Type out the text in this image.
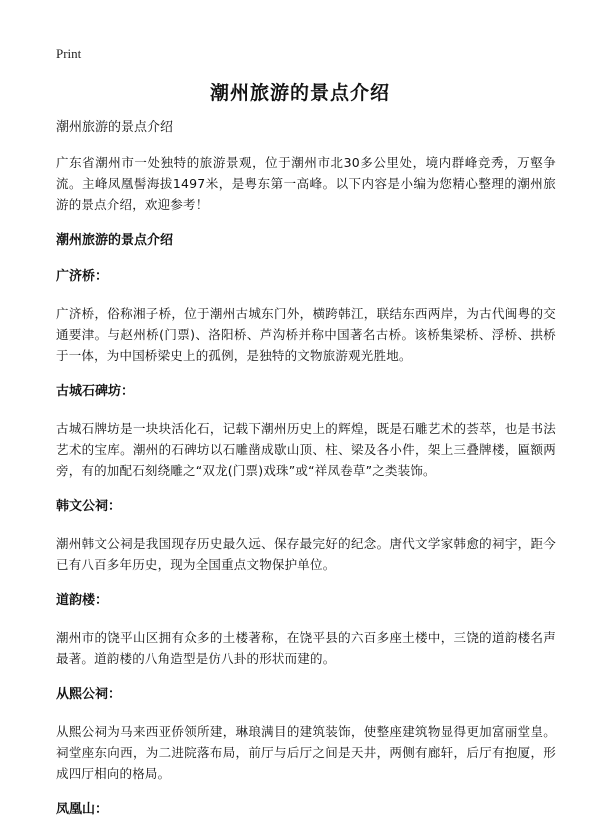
Print
潮州旅游的景点介绍

潮州旅游的景点介绍

广东省潮州市一处独特的旅游景观，位于潮州市北30多公里处，境内群峰竞秀，万壑争流。主峰凤凰髻海拔1497米，是粤东第一高峰。以下内容是小编为您精心整理的潮州旅游的景点介绍，欢迎参考！

潮州旅游的景点介绍

广济桥：

广济桥，俗称湘子桥，位于潮州古城东门外，横跨韩江，联结东西两岸，为古代闽粤的交通要津。与赵州桥(门票)、洛阳桥、芦沟桥并称中国著名古桥。该桥集梁桥、浮桥、拱桥于一体，为中国桥梁史上的孤例，是独特的文物旅游观光胜地。

古城石碑坊：

古城石牌坊是一块块活化石，记载下潮州历史上的辉煌，既是石雕艺术的荟萃，也是书法艺术的宝库。潮州的石碑坊以石雕凿成歇山顶、柱、梁及各小件，架上三叠牌楼，匾额两旁，有的加配石刻绕雕之“双龙(门票)戏珠”或“祥凤卷草”之类装饰。

韩文公祠：

潮州韩文公祠是我国现存历史最久远、保存最完好的纪念。唐代文学家韩愈的祠宇，距今已有八百多年历史，现为全国重点文物保护单位。

道韵楼：

潮州市的饶平山区拥有众多的土楼著称，在饶平县的六百多座土楼中，三饶的道韵楼名声最著。道韵楼的八角造型是仿八卦的形状而建的。

从熙公祠：

从熙公祠为马来西亚侨领所建，琳琅满目的建筑装饰，使整座建筑物显得更加富丽堂皇。祠堂座东向西，为二进院落布局，前厅与后厅之间是天井，两侧有廊轩，后厅有抱厦，形成四厅相向的格局。

凤凰山：
